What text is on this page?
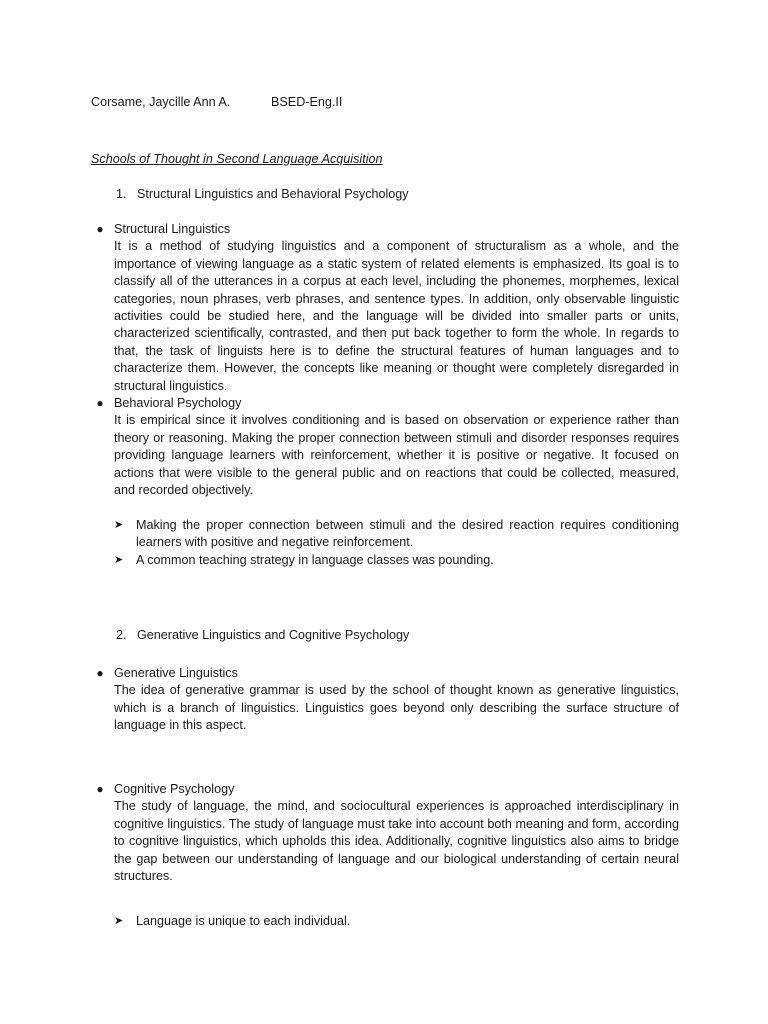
Corsame, Jaycille Ann A.	BSED-Eng.II
Schools of Thought in Second Language Acquisition
1. Structural Linguistics and Behavioral Psychology
● Structural Linguistics
It is a method of studying linguistics and a component of structuralism as a whole, and the importance of viewing language as a static system of related elements is emphasized. Its goal is to classify all of the utterances in a corpus at each level, including the phonemes, morphemes, lexical categories, noun phrases, verb phrases, and sentence types. In addition, only observable linguistic activities could be studied here, and the language will be divided into smaller parts or units, characterized scientifically, contrasted, and then put back together to form the whole. In regards to that, the task of linguists here is to define the structural features of human languages and to characterize them. However, the concepts like meaning or thought were completely disregarded in structural linguistics.
● Behavioral Psychology
It is empirical since it involves conditioning and is based on observation or experience rather than theory or reasoning. Making the proper connection between stimuli and disorder responses requires providing language learners with reinforcement, whether it is positive or negative. It focused on actions that were visible to the general public and on reactions that could be collected, measured, and recorded objectively.
➤	Making the proper connection between stimuli and the desired reaction requires conditioning learners with positive and negative reinforcement.
➤	A common teaching strategy in language classes was pounding.
2. Generative Linguistics and Cognitive Psychology
● Generative Linguistics
The idea of generative grammar is used by the school of thought known as generative linguistics, which is a branch of linguistics. Linguistics goes beyond only describing the surface structure of language in this aspect.
● Cognitive Psychology
The study of language, the mind, and sociocultural experiences is approached interdisciplinary in cognitive linguistics. The study of language must take into account both meaning and form, according to cognitive linguistics, which upholds this idea. Additionally, cognitive linguistics also aims to bridge the gap between our understanding of language and our biological understanding of certain neural structures.
➤	Language is unique to each individual.
